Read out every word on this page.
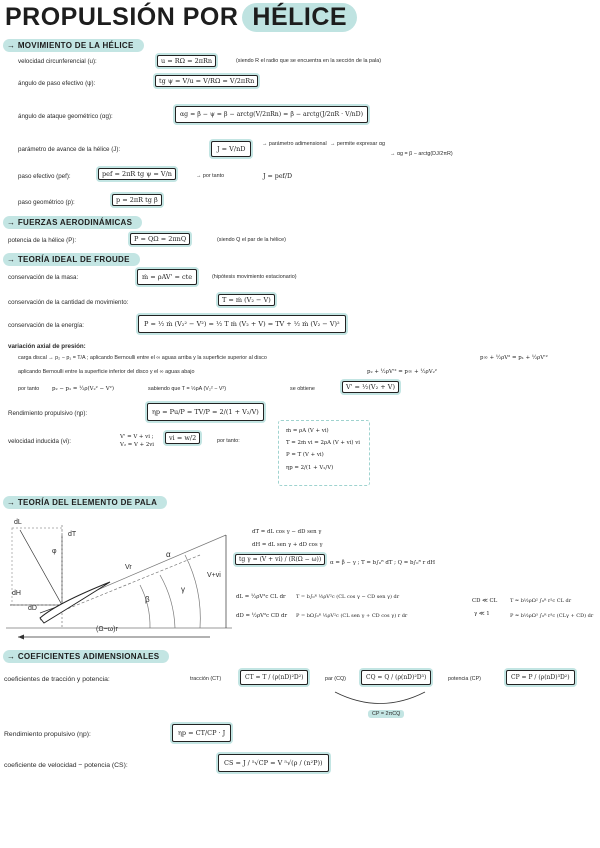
PROPULSIÓN POR HÉLICE
→ MOVIMIENTO DE LA HÉLICE
velocidad circunferencial (u):	u = RΩ = 2πRn	(siendo R el radio que se encuentra en la sección de la pala)
ángulo de paso efectivo (ψ):	tg ψ = V/u = V/RΩ = V/2πRn
ángulo de ataque geométrico (αg):	αg = β − ψ = β − arctg(V/2πRn) = β − arctg(J/2πR · V/nD)
parámetro de avance de la hélice (J):	J = V/nD
→ parámetro adimensional → permite expresar αg
→ αg = β − arctg(DJ/2πR)
paso efectivo (pef):	pef = 2πR tg ψ = V/n	→ por tanto	J = pef/D
paso geométrico (p):	p = 2πR tg β
→ FUERZAS AERODINÁMICAS
potencia de la hélice (P):	P = QΩ = 2πnQ	(siendo Q el par de la hélice)
→ TEORÍA IDEAL DE FROUDE
conservación de la masa:	ṁ = ρAV' = cte	(hipótesis movimiento estacionario)
conservación de la cantidad de movimiento:	T = ṁ (V₂ − V)
conservación de la energía:	P = ½ ṁ (V₂² − V²) = ½ T ṁ (V₂ + V) = TV + ½ ṁ (V₂ − V)²
variación axial de presión:
carga discal → p₂ − p₁ = T/A ; aplicando Bernoulli entre el ∞ aguas arriba y la superficie superior al disco	p∞ + ½ρV² = p₁ + ½ρV'²
aplicando Bernoulli entre la superficie inferior del disco y el ∞ aguas abajo	p₂ + ½ρV'² = p∞ + ½ρV₂²
por tanto p₂ − p₁ = ½ρ(V₂² − V²)	sabiendo que T = ½ρA (V₂² − V²)	se obtiene	V' = ½(V₂ + V)
Rendimiento propulsivo (ηp):	ηp = Pu/P = TV/P = 2/(1 + V₂/V)
velocidad inducida (vi):
V' = V + vi ; V₂ = V + 2vi
vi = w/2	por tanto:
ṁ = ρA (V + vi)
T = 2ṁ vi = 2ρA (V + vi) vi
P = T (V + vi)
ηp = 2/(1 + V₂/V)
→ TEORÍA DEL ELEMENTO DE PALA
dL
dT
dH
dD
φ	α
β
γ
Vr
V+vi
(Ω−ω)r
dT = dL cos γ − dD sen γ
dH = dL sen γ + dD cos γ
tg γ = (V + vi) / (R(Ω − ω))	α = β − γ ; T = b∫₀ᴿ dT ; Q = b∫₀ᴿ r dH
dL = ½ρV²c CL dr
dD = ½ρV²c CD dr
T = b∫₀ᴿ ½ρV²c (CL cos γ − CD sen γ) dr
P = bΩ∫₀ᴿ ½ρV²c (CL sen γ + CD cos γ) r dr
CD ≪ CL
γ ≪ 1
T ≃ b½ρΩ² ∫₀ᴿ r²c CL dr
P ≃ b½ρΩ³ ∫₀ᴿ r³c (CLγ + CD) dr
→ COEFICIENTES ADIMENSIONALES
coeficientes de tracción y potencia:	tracción (CT)	CT = T / (ρ(nD)²D²)	par (CQ)	CQ = Q / (ρ(nD)²D³)	potencia (CP)	CP = P / (ρ(nD)³D²)
CP = 2πCQ
Rendimiento propulsivo (ηp):	ηp = CT/CP · J
coeficiente de velocidad − potencia (CS):	CS = J / ⁵√CP = V ⁵√(ρ / (n²P))
